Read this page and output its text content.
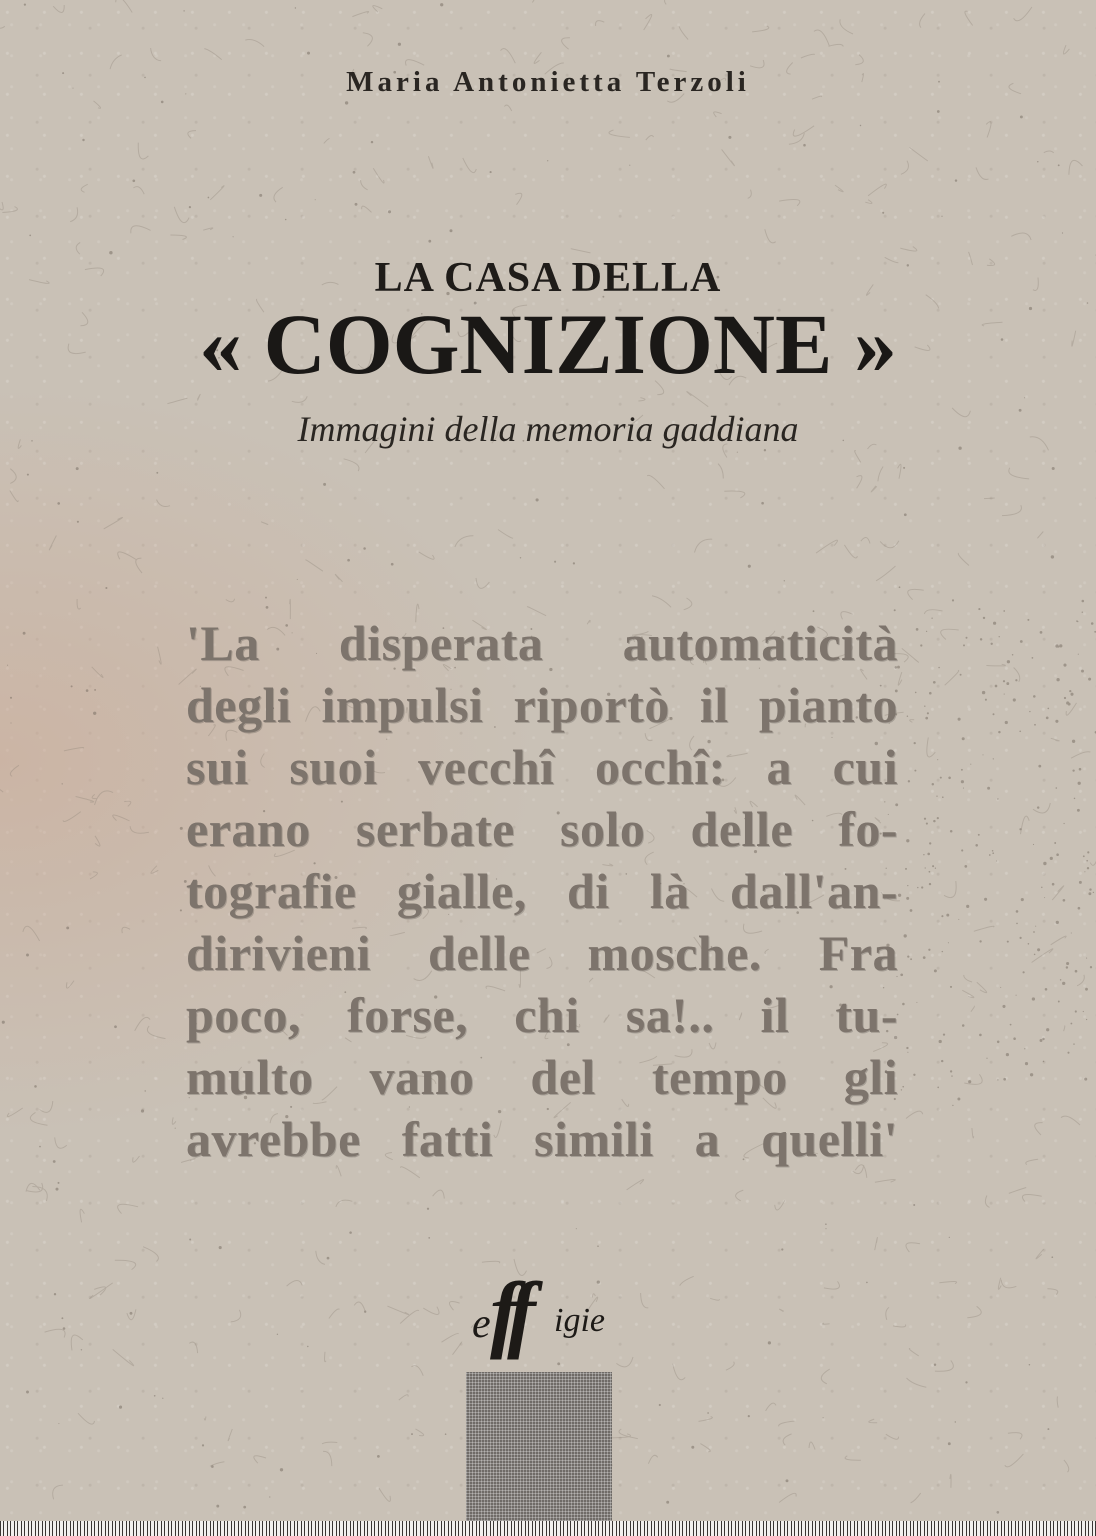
Maria Antonietta Terzoli
LA CASA DELLA
« COGNIZIONE »
Immagini della memoria gaddiana
'La disperata automaticità
degli impulsi riportò il pianto
sui suoi vecchî occhî: a cui
erano serbate solo delle fo-
tografie gialle, di là dall'an-
dirivieni delle mosche. Fra
poco, forse, chi sa!.. il tu-
multo vano del tempo gli
avrebbe fatti simili a quelli'
e ff igie
